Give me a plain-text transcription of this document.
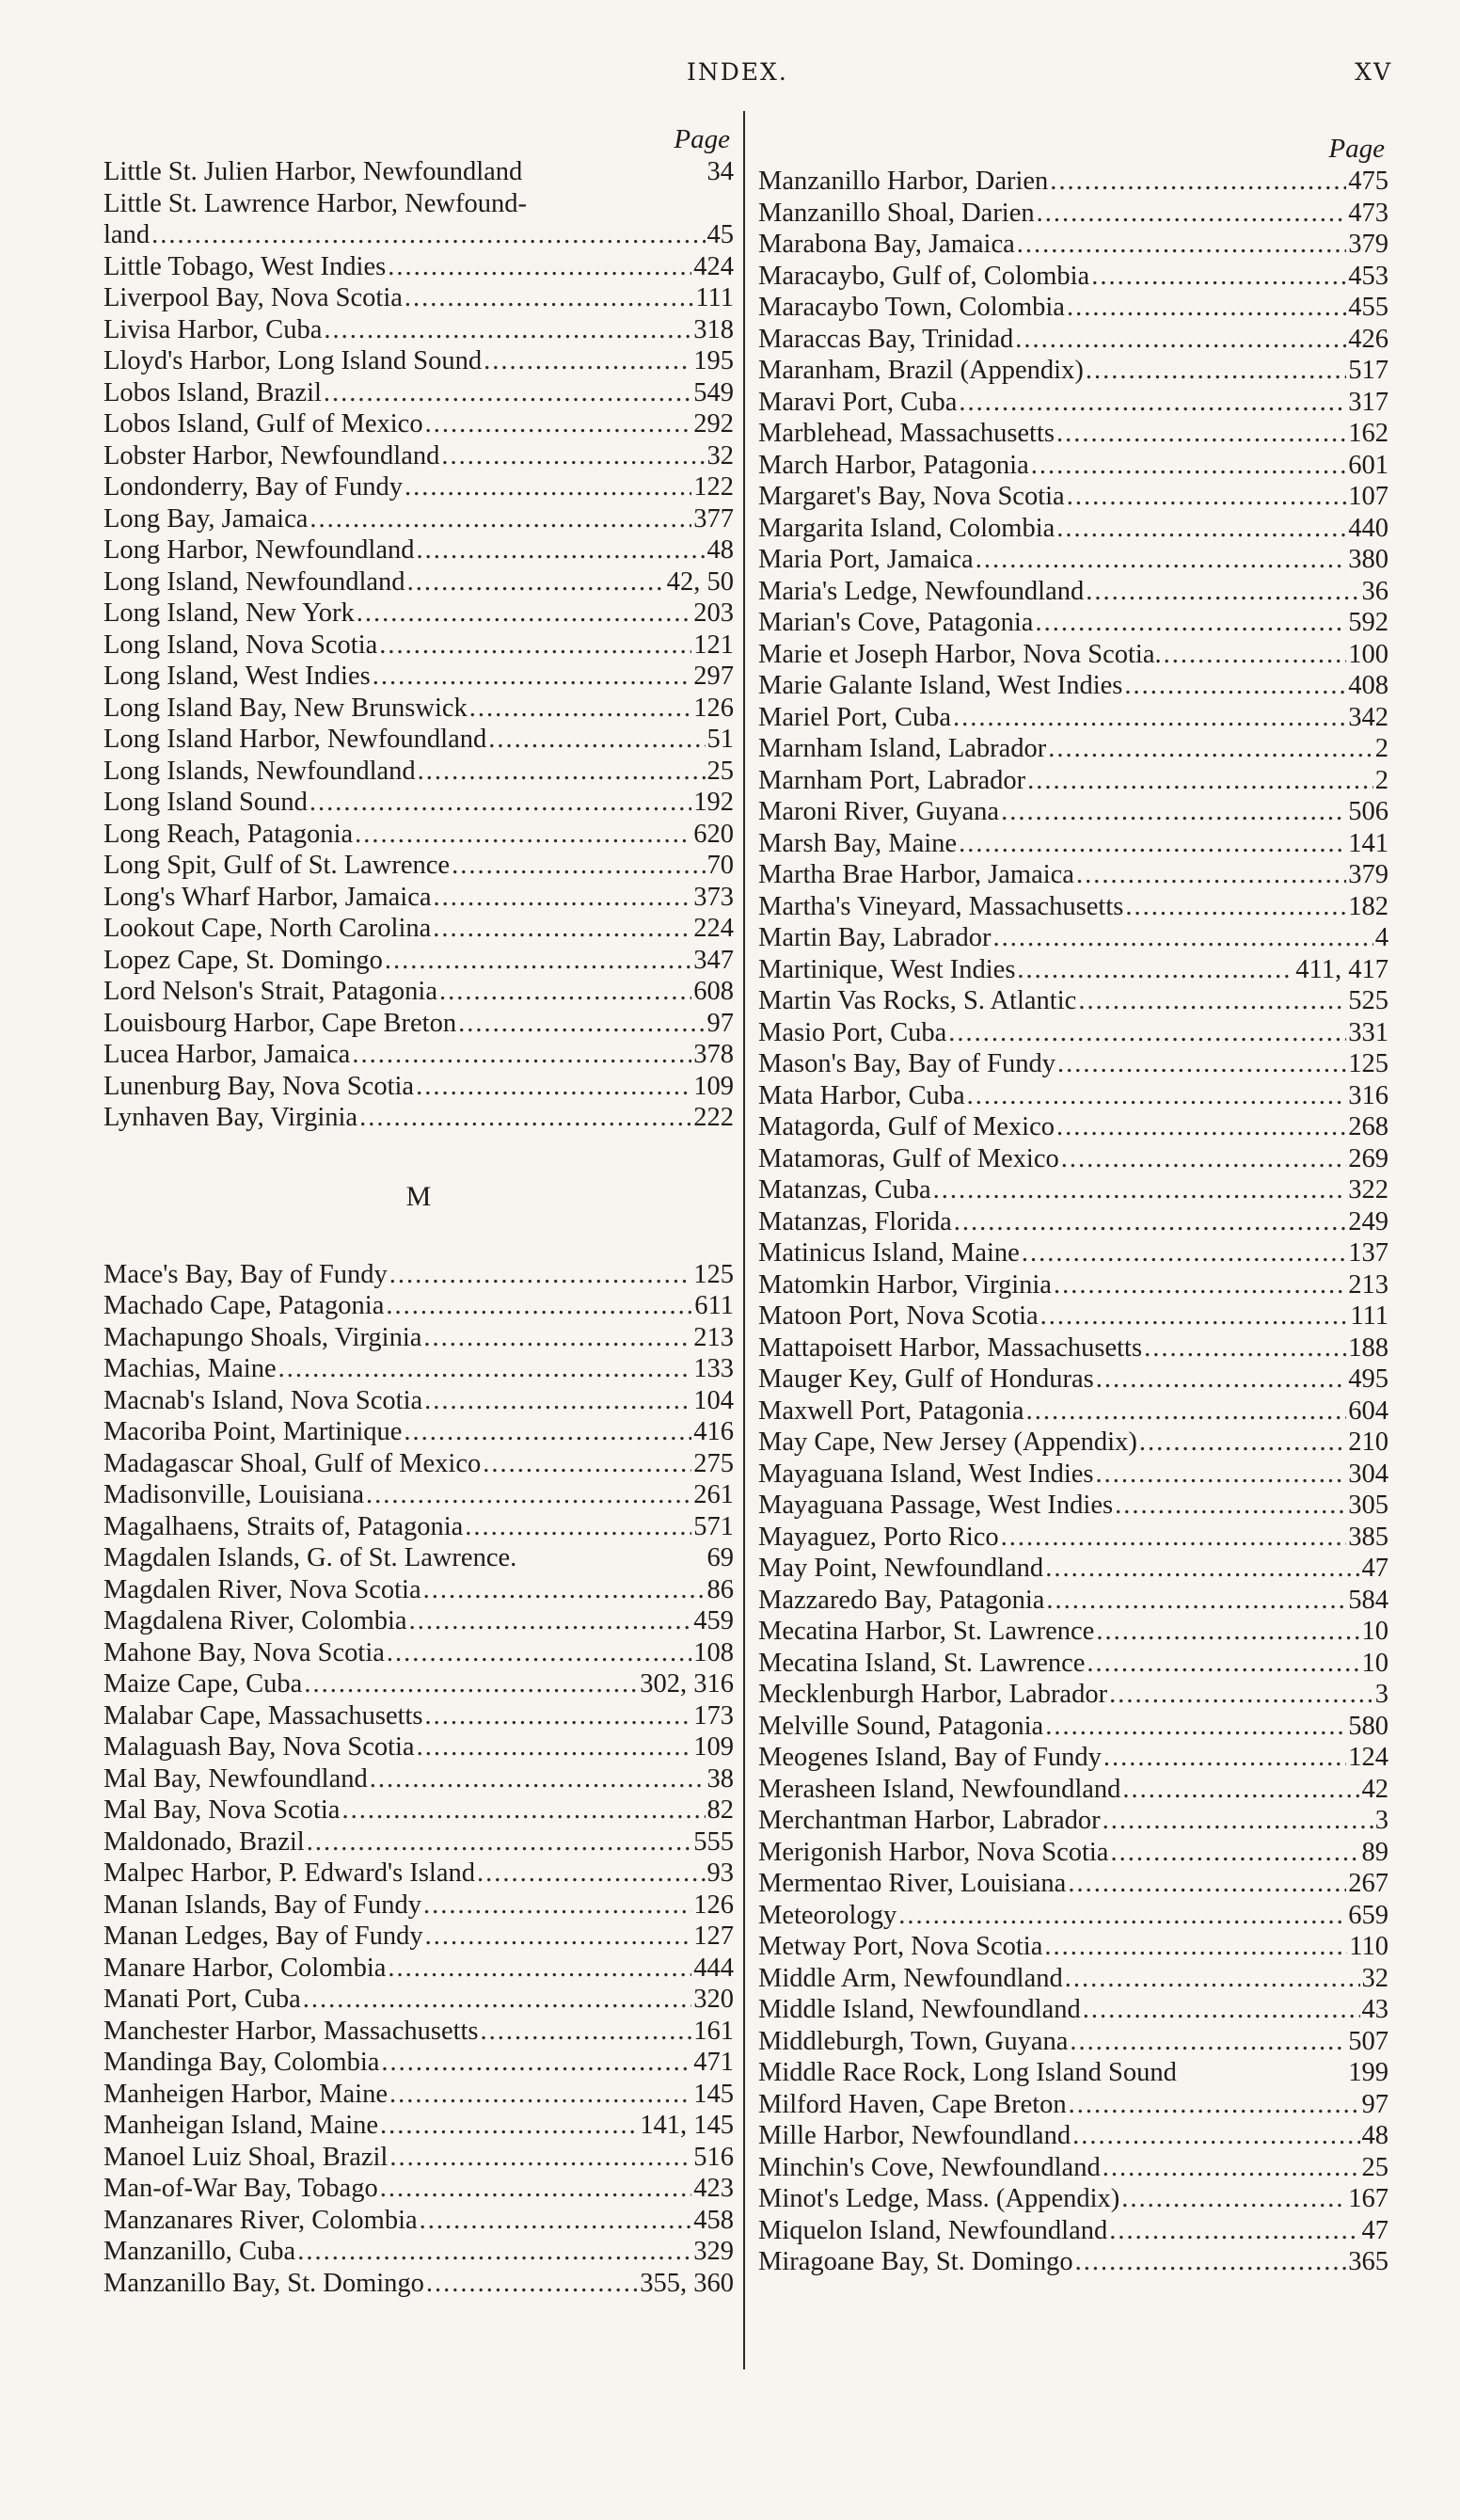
INDEX.	XV
Page
Little St. Julien Harbor, Newfoundland	34
Little St. Lawrence Harbor, Newfound-
land .....	45
Little Tobago, West Indies .....	424
Liverpool Bay, Nova Scotia .....	111
Livisa Harbor, Cuba .....	318
Lloyd's Harbor, Long Island Sound .....	195
Lobos Island, Brazil .....	549
Lobos Island, Gulf of Mexico .....	292
Lobster Harbor, Newfoundland .....	32
Londonderry, Bay of Fundy .....	122
Long Bay, Jamaica .....	377
Long Harbor, Newfoundland .....	48
Long Island, Newfoundland .....	42, 50
Long Island, New York .....	203
Long Island, Nova Scotia .....	121
Long Island, West Indies .....	297
Long Island Bay, New Brunswick .....	126
Long Island Harbor, Newfoundland .....	51
Long Islands, Newfoundland .....	25
Long Island Sound .....	192
Long Reach, Patagonia .....	620
Long Spit, Gulf of St. Lawrence .....	70
Long's Wharf Harbor, Jamaica .....	373
Lookout Cape, North Carolina .....	224
Lopez Cape, St. Domingo .....	347
Lord Nelson's Strait, Patagonia .....	608
Louisbourg Harbor, Cape Breton .....	97
Lucea Harbor, Jamaica .....	378
Lunenburg Bay, Nova Scotia .....	109
Lynhaven Bay, Virginia .....	222
M
Mace's Bay, Bay of Fundy .....	125
Machado Cape, Patagonia .....	611
Machapungo Shoals, Virginia .....	213
Machias, Maine .....	133
Macnab's Island, Nova Scotia .....	104
Macoriba Point, Martinique .....	416
Madagascar Shoal, Gulf of Mexico .....	275
Madisonville, Louisiana .....	261
Magalhaens, Straits of, Patagonia .....	571
Magdalen Islands, G. of St. Lawrence.	69
Magdalen River, Nova Scotia .....	86
Magdalena River, Colombia .....	459
Mahone Bay, Nova Scotia .....	108
Maize Cape, Cuba .....	302, 316
Malabar Cape, Massachusetts .....	173
Malaguash Bay, Nova Scotia .....	109
Mal Bay, Newfoundland .....	38
Mal Bay, Nova Scotia .....	82
Maldonado, Brazil .....	555
Malpec Harbor, P. Edward's Island .....	93
Manan Islands, Bay of Fundy .....	126
Manan Ledges, Bay of Fundy .....	127
Manare Harbor, Colombia .....	444
Manati Port, Cuba .....	320
Manchester Harbor, Massachusetts .....	161
Mandinga Bay, Colombia .....	471
Manheigen Harbor, Maine .....	145
Manheigan Island, Maine .....	141, 145
Manoel Luiz Shoal, Brazil .....	516
Man-of-War Bay, Tobago .....	423
Manzanares River, Colombia .....	458
Manzanillo, Cuba .....	329
Manzanillo Bay, St. Domingo .....	355, 360
Page
Manzanillo Harbor, Darien .....	475
Manzanillo Shoal, Darien .....	473
Marabona Bay, Jamaica .....	379
Maracaybo, Gulf of, Colombia .....	453
Maracaybo Town, Colombia .....	455
Maraccas Bay, Trinidad .....	426
Maranham, Brazil (Appendix) .....	517
Maravi Port, Cuba .....	317
Marblehead, Massachusetts .....	162
March Harbor, Patagonia .....	601
Margaret's Bay, Nova Scotia .....	107
Margarita Island, Colombia .....	440
Maria Port, Jamaica .....	380
Maria's Ledge, Newfoundland .....	36
Marian's Cove, Patagonia .....	592
Marie et Joseph Harbor, Nova Scotia. .....	100
Marie Galante Island, West Indies .....	408
Mariel Port, Cuba .....	342
Marnham Island, Labrador .....	2
Marnham Port, Labrador .....	2
Maroni River, Guyana .....	506
Marsh Bay, Maine .....	141
Martha Brae Harbor, Jamaica .....	379
Martha's Vineyard, Massachusetts .....	182
Martin Bay, Labrador .....	4
Martinique, West Indies .....	411, 417
Martin Vas Rocks, S. Atlantic .....	525
Masio Port, Cuba .....	331
Mason's Bay, Bay of Fundy .....	125
Mata Harbor, Cuba .....	316
Matagorda, Gulf of Mexico .....	268
Matamoras, Gulf of Mexico .....	269
Matanzas, Cuba .....	322
Matanzas, Florida .....	249
Matinicus Island, Maine .....	137
Matomkin Harbor, Virginia .....	213
Matoon Port, Nova Scotia .....	111
Mattapoisett Harbor, Massachusetts .....	188
Mauger Key, Gulf of Honduras .....	495
Maxwell Port, Patagonia .....	604
May Cape, New Jersey (Appendix) .....	210
Mayaguana Island, West Indies .....	304
Mayaguana Passage, West Indies .....	305
Mayaguez, Porto Rico .....	385
May Point, Newfoundland .....	47
Mazzaredo Bay, Patagonia .....	584
Mecatina Harbor, St. Lawrence .....	10
Mecatina Island, St. Lawrence .....	10
Mecklenburgh Harbor, Labrador .....	3
Melville Sound, Patagonia .....	580
Meogenes Island, Bay of Fundy .....	124
Merasheen Island, Newfoundland .....	42
Merchantman Harbor, Labrador .....	3
Merigonish Harbor, Nova Scotia .....	89
Mermentao River, Louisiana .....	267
Meteorology .....	659
Metway Port, Nova Scotia .....	110
Middle Arm, Newfoundland .....	32
Middle Island, Newfoundland .....	43
Middleburgh, Town, Guyana .....	507
Middle Race Rock, Long Island Sound	199
Milford Haven, Cape Breton .....	97
Mille Harbor, Newfoundland .....	48
Minchin's Cove, Newfoundland .....	25
Minot's Ledge, Mass. (Appendix) .....	167
Miquelon Island, Newfoundland .....	47
Miragoane Bay, St. Domingo .....	365
